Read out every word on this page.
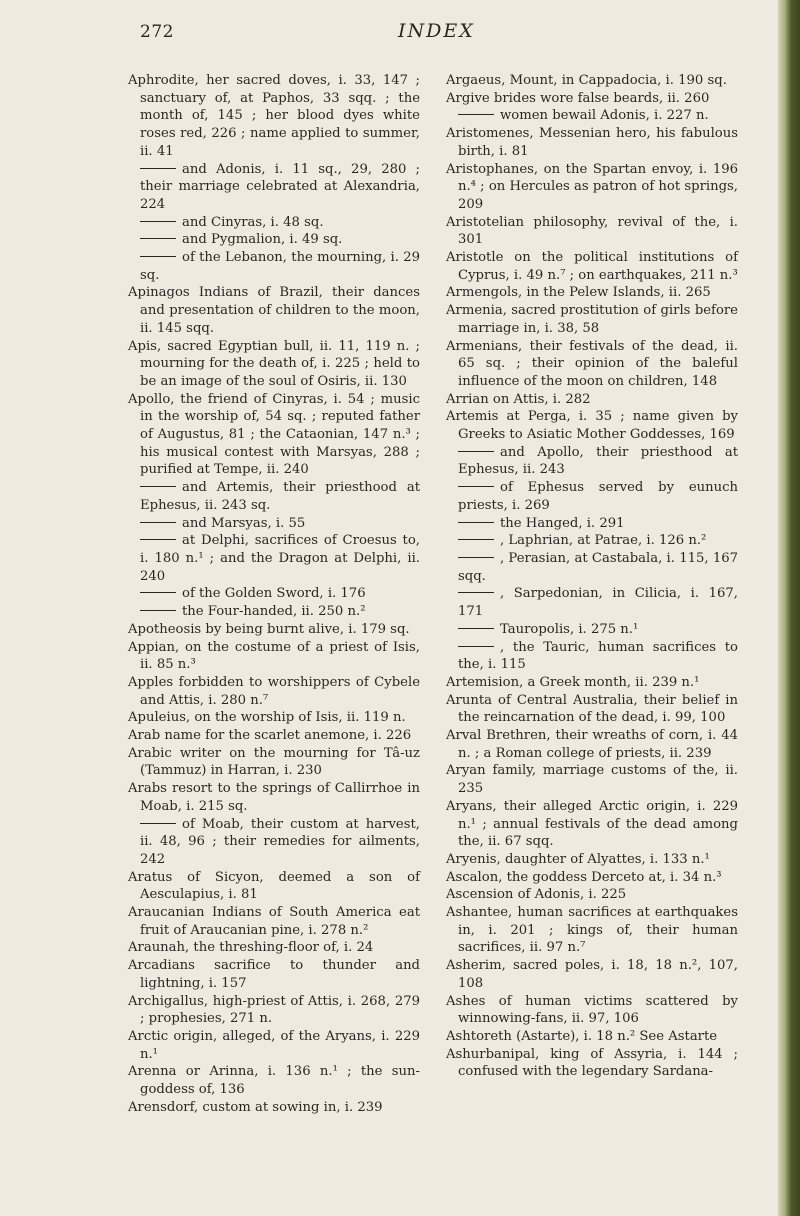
272	INDEX

Aphrodite, her sacred doves, i. 33, 147 ; sanctuary of, at Paphos, 33 sqq. ; the month of, 145 ; her blood dyes white roses red, 226 ; name applied to summer, ii. 41

and Adonis, i. 11 sq., 29, 280 ; their marriage celebrated at Alexandria, 224

and Cinyras, i. 48 sq.

and Pygmalion, i. 49 sq.

of the Lebanon, the mourning, i. 29 sq.

Apinagos Indians of Brazil, their dances and presentation of children to the moon, ii. 145 sqq.

Apis, sacred Egyptian bull, ii. 11, 119 n. ; mourning for the death of, i. 225 ; held to be an image of the soul of Osiris, ii. 130

Apollo, the friend of Cinyras, i. 54 ; music in the worship of, 54 sq. ; reputed father of Augustus, 81 ; the Cataonian, 147 n.³ ; his musical contest with Marsyas, 288 ; purified at Tempe, ii. 240

and Artemis, their priesthood at Ephesus, ii. 243 sq.

and Marsyas, i. 55

at Delphi, sacrifices of Croesus to, i. 180 n.¹ ; and the Dragon at Delphi, ii. 240

of the Golden Sword, i. 176

the Four-handed, ii. 250 n.²

Apotheosis by being burnt alive, i. 179 sq.

Appian, on the costume of a priest of Isis, ii. 85 n.³

Apples forbidden to worshippers of Cybele and Attis, i. 280 n.⁷

Apuleius, on the worship of Isis, ii. 119 n.

Arab name for the scarlet anemone, i. 226

Arabic writer on the mourning for Tâ-uz (Tammuz) in Harran, i. 230

Arabs resort to the springs of Callirrhoe in Moab, i. 215 sq.

of Moab, their custom at harvest, ii. 48, 96 ; their remedies for ailments, 242

Aratus of Sicyon, deemed a son of Aesculapius, i. 81

Araucanian Indians of South America eat fruit of Araucanian pine, i. 278 n.²

Araunah, the threshing-floor of, i. 24

Arcadians sacrifice to thunder and lightning, i. 157

Archigallus, high-priest of Attis, i. 268, 279 ; prophesies, 271 n.

Arctic origin, alleged, of the Aryans, i. 229 n.¹

Arenna or Arinna, i. 136 n.¹ ; the sun-goddess of, 136

Arensdorf, custom at sowing in, i. 239

Argaeus, Mount, in Cappadocia, i. 190 sq.

Argive brides wore false beards, ii. 260

women bewail Adonis, i. 227 n.

Aristomenes, Messenian hero, his fabulous birth, i. 81

Aristophanes, on the Spartan envoy, i. 196 n.⁴ ; on Hercules as patron of hot springs, 209

Aristotelian philosophy, revival of the, i. 301

Aristotle on the political institutions of Cyprus, i. 49 n.⁷ ; on earthquakes, 211 n.³

Armengols, in the Pelew Islands, ii. 265

Armenia, sacred prostitution of girls before marriage in, i. 38, 58

Armenians, their festivals of the dead, ii. 65 sq. ; their opinion of the baleful influence of the moon on children, 148

Arrian on Attis, i. 282

Artemis at Perga, i. 35 ; name given by Greeks to Asiatic Mother Goddesses, 169

and Apollo, their priesthood at Ephesus, ii. 243

of Ephesus served by eunuch priests, i. 269

the Hanged, i. 291

, Laphrian, at Patrae, i. 126 n.²

, Perasian, at Castabala, i. 115, 167 sqq.

, Sarpedonian, in Cilicia, i. 167, 171

Tauropolis, i. 275 n.¹

, the Tauric, human sacrifices to the, i. 115

Artemision, a Greek month, ii. 239 n.¹

Arunta of Central Australia, their belief in the reincarnation of the dead, i. 99, 100

Arval Brethren, their wreaths of corn, i. 44 n. ; a Roman college of priests, ii. 239

Aryan family, marriage customs of the, ii. 235

Aryans, their alleged Arctic origin, i. 229 n.¹ ; annual festivals of the dead among the, ii. 67 sqq.

Aryenis, daughter of Alyattes, i. 133 n.¹

Ascalon, the goddess Derceto at, i. 34 n.³

Ascension of Adonis, i. 225

Ashantee, human sacrifices at earthquakes in, i. 201 ; kings of, their human sacrifices, ii. 97 n.⁷

Asherim, sacred poles, i. 18, 18 n.², 107, 108

Ashes of human victims scattered by winnowing-fans, ii. 97, 106

Ashtoreth (Astarte), i. 18 n.² See Astarte

Ashurbanipal, king of Assyria, i. 144 ; confused with the legendary Sardana-
